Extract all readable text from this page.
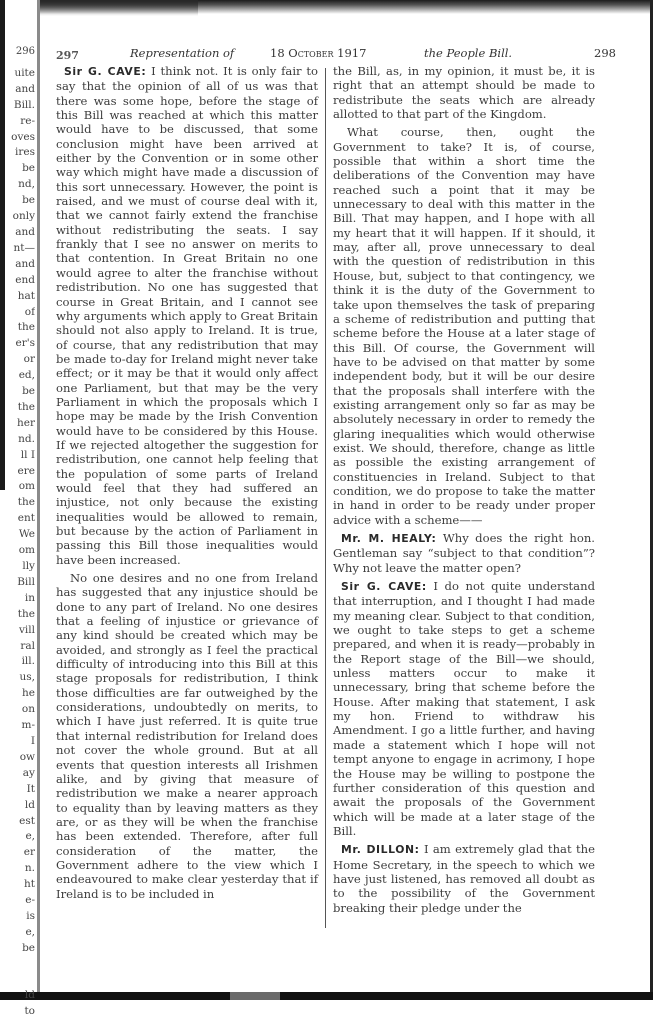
296
uite
and
Bill.
re-
oves
ires
be
nd,
be
only
and
nt—
and
end
hat
of
the
er's
or
ed,
be
the
her
nd.
ll I
ere
om
the
ent
We
om
lly
Bill
in
the
vill
ral
ill.
us,
he
on
m-
I
ow
ay
It
ld
est
e,
er
n.
ht
e-
is
e,
be

ld
to
297	Representation of	18 October 1917	the People Bill.	298

Sir G. CAVE: I think not. It is only fair to say that the opinion of all of us was that there was some hope, before the stage of this Bill was reached at which this matter would have to be discussed, that some conclusion might have been arrived at either by the Convention or in some other way which might have made a discussion of this sort unnecessary. However, the point is raised, and we must of course deal with it, that we cannot fairly extend the franchise without redistributing the seats. I say frankly that I see no answer on merits to that contention. In Great Britain no one would agree to alter the franchise without redistribution. No one has suggested that course in Great Britain, and I cannot see why arguments which apply to Great Britain should not also apply to Ireland. It is true, of course, that any redistribution that may be made to-day for Ireland might never take effect; or it may be that it would only affect one Parliament, but that may be the very Parliament in which the proposals which I hope may be made by the Irish Convention would have to be considered by this House. If we rejected altogether the suggestion for redistribution, one cannot help feeling that the population of some parts of Ireland would feel that they had suffered an injustice, not only because the existing inequalities would be allowed to remain, but because by the action of Parliament in passing this Bill those inequalities would have been increased.

No one desires and no one from Ireland has suggested that any injustice should be done to any part of Ireland. No one desires that a feeling of injustice or grievance of any kind should be created which may be avoided, and strongly as I feel the practical difficulty of introducing into this Bill at this stage proposals for redistribution, I think those difficulties are far outweighed by the considerations, undoubtedly on merits, to which I have just referred. It is quite true that internal redistribution for Ireland does not cover the whole ground. But at all events that question interests all Irishmen alike, and by giving that measure of redistribution we make a nearer approach to equality than by leaving matters as they are, or as they will be when the franchise has been extended. Therefore, after full consideration of the matter, the Government adhere to the view which I endeavoured to make clear yesterday that if Ireland is to be included in

the Bill, as, in my opinion, it must be, it is right that an attempt should be made to redistribute the seats which are already allotted to that part of the Kingdom.

What course, then, ought the Government to take? It is, of course, possible that within a short time the deliberations of the Convention may have reached such a point that it may be unnecessary to deal with this matter in the Bill. That may happen, and I hope with all my heart that it will happen. If it should, it may, after all, prove unnecessary to deal with the question of redistribution in this House, but, subject to that contingency, we think it is the duty of the Government to take upon themselves the task of preparing a scheme of redistribution and putting that scheme before the House at a later stage of this Bill. Of course, the Government will have to be advised on that matter by some independent body, but it will be our desire that the proposals shall interfere with the existing arrangement only so far as may be absolutely necessary in order to remedy the glaring inequalities which would otherwise exist. We should, therefore, change as little as possible the existing arrangement of constituencies in Ireland. Subject to that condition, we do propose to take the matter in hand in order to be ready under proper advice with a scheme——

Mr. M. HEALY: Why does the right hon. Gentleman say “subject to that condition”? Why not leave the matter open?

Sir G. CAVE: I do not quite understand that interruption, and I thought I had made my meaning clear. Subject to that condition, we ought to take steps to get a scheme prepared, and when it is ready—probably in the Report stage of the Bill—we should, unless matters occur to make it unnecessary, bring that scheme before the House. After making that statement, I ask my hon. Friend to withdraw his Amendment. I go a little further, and having made a statement which I hope will not tempt anyone to engage in acrimony, I hope the House may be willing to postpone the further consideration of this question and await the proposals of the Government which will be made at a later stage of the Bill.

Mr. DILLON: I am extremely glad that the Home Secretary, in the speech to which we have just listened, has removed all doubt as to the possibility of the Government breaking their pledge under the
